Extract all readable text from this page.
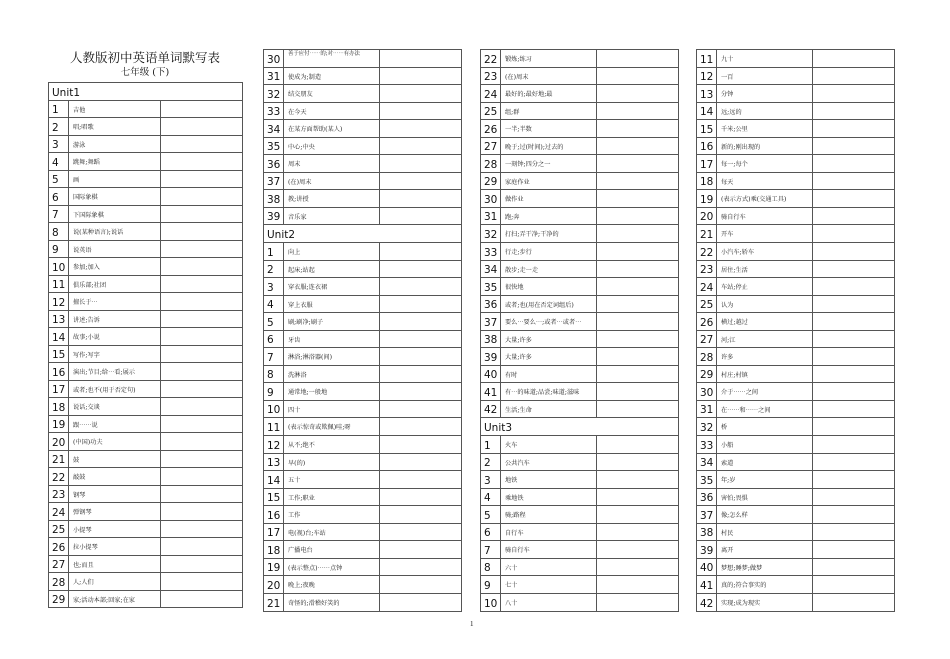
人教版初中英语单词默写表
七年级 (下)
Unit1		
1	吉他	
2	唱;唱歌	
3	游泳	
4	跳舞;舞蹈	
5	画	
6	国际象棋	
7	下国际象棋	
8	说(某种语言);说话	
9	说英语	
10	参加;加入	
11	俱乐部;社团	
12	擅长于⋯	
13	讲述;告诉	
14	故事;小说	
15	写作;写字	
16	演出;节目;给⋯看;展示	
17	或者;也不(用于否定句)	
18	说话;交谈	
19	跟⋯⋯说	
20	(中国)功夫	
21	鼓	
22	敲鼓	
23	钢琴	
24	弹钢琴	
25	小提琴	
26	拉小提琴	
27	也;而且	
28	人;人们	
29	家;活动本部;回家;在家	
30	善于应付⋯⋯的;对⋯⋯有办法	
31	使成为;制造	
32	结交朋友	
33	在今天	
34	在某方面帮助(某人)	
35	中心;中央	
36	周末	
37	(在)周末	
38	教;讲授	
39	音乐家	
Unit2		
1	向上	
2	起床;站起	
3	穿衣服;连衣裙	
4	穿上衣服	
5	刷;刷净;刷子	
6	牙齿	
7	淋浴;淋浴器(间)	
8	洗淋浴	
9	通常地;一般地	
10	四十	
11	(表示惊奇或欺佩)哇;呀	
12	从不;绝不	
13	早(的)	
14	五十	
15	工作;职业	
16	工作	
17	电(视)台;车站	
18	广播电台	
19	(表示整点)⋯⋯点钟	
20	晚上;夜晚	
21	奇怪的;滑稽好笑的	
22	锻炼;练习	
23	(在)周末	
24	最好的;最好地;最	
25	组;群	
26	一半;半数	
27	晚于;过(时间);过去的	
28	一刻钟;四分之一	
29	家庭作业	
30	做作业	
31	跑;奔	
32	打扫;弄干净;干净的	
33	行走;步行	
34	散步;走一走	
35	很快地	
36	或者;也(用在否定词组后)	
37	要么⋯要么⋯;或者⋯或者⋯	
38	大量;许多	
39	大量;许多	
40	有时	
41	有⋯的味道;品尝;味道;滋味	
42	生活;生命	
Unit3		
1	火车	
2	公共汽车	
3	地铁	
4	乘地铁	
5	骑;路程	
6	自行车	
7	骑自行车	
8	六十	
9	七十	
10	八十	
11	九十	
12	一百	
13	分钟	
14	远;远的	
15	千米;公里	
16	新的;刚出现的	
17	每一;每个	
18	每天	
19	(表示方式)乘(交通工具)	
20	骑自行车	
21	开车	
22	小汽车;轿车	
23	居住;生活	
24	车站;停止	
25	认为	
26	横过;越过	
27	河;江	
28	许多	
29	村庄;村镇	
30	介于⋯⋯之间	
31	在⋯⋯和⋯⋯之间	
32	桥	
33	小船	
34	索道	
35	年;岁	
36	害怕;畏惧	
37	像;怎么样	
38	村民	
39	离开	
40	梦想;睡梦;做梦	
41	真的;符合事实的	
42	实现;成为现实	
1
